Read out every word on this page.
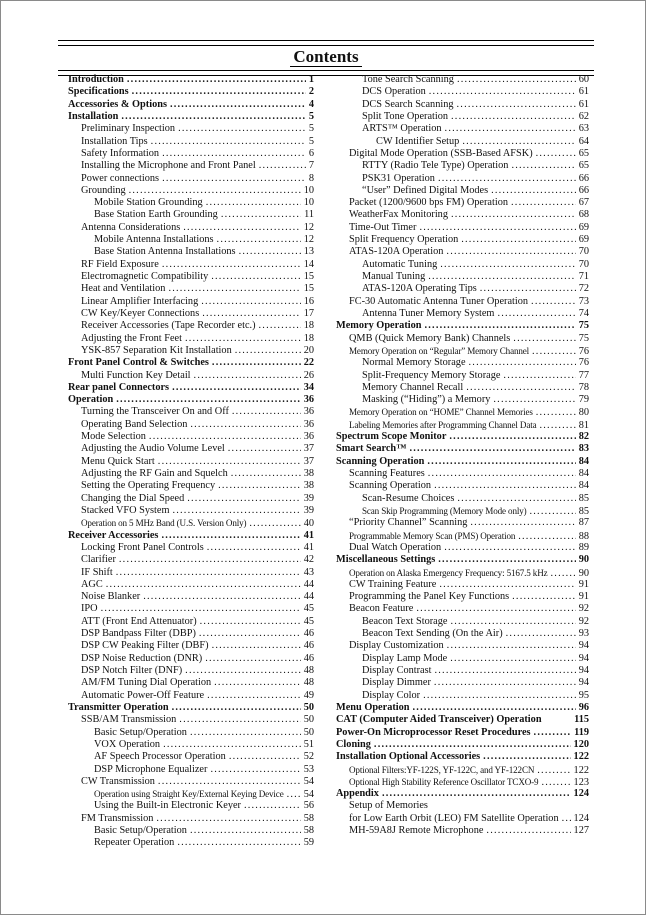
Contents
Introduction .....	1
Specifications .....	2
Accessories & Options .....	4
Installation .....	5
Preliminary Inspection .....	5
Installation Tips .....	5
Safety Information .....	6
Installing the Microphone and Front Panel .....	7
Power connections .....	8
Grounding .....	10
Mobile Station Grounding .....	10
Base Station Earth Grounding .....	11
Antenna Considerations .....	12
Mobile Antenna Installations .....	12
Base Station Antenna Installations .....	13
RF Field Exposure .....	14
Electromagnetic Compatibility .....	15
Heat and Ventilation .....	15
Linear Amplifier Interfacing .....	16
CW Key/Keyer Connections .....	17
Receiver Accessories (Tape Recorder etc.) .....	18
Adjusting the Front Feet .....	18
YSK-857 Separation Kit Installation .....	20
Front Panel Control & Switches .....	22
Multi Function Key Detail .....	26
Rear panel Connectors .....	34
Operation .....	36
Turning the Transceiver On and Off .....	36
Operating Band Selection .....	36
Mode Selection .....	36
Adjusting the Audio Volume Level .....	37
Menu Quick Start .....	37
Adjusting the RF Gain and Squelch .....	38
Setting the Operating Frequency .....	38
Changing the Dial Speed .....	39
Stacked VFO System .....	39
Operation on 5 MHz Band (U.S. Version Only) .....	40
Receiver Accessories .....	41
Locking Front Panel Controls .....	41
Clarifier .....	42
IF Shift .....	43
AGC .....	44
Noise Blanker .....	44
IPO .....	45
ATT (Front End Attenuator) .....	45
DSP Bandpass Filter (DBP) .....	46
DSP CW Peaking Filter (DBF) .....	46
DSP Noise Reduction (DNR) .....	46
DSP Notch Filter (DNF) .....	48
AM/FM Tuning Dial Operation .....	48
Automatic Power-Off Feature .....	49
Transmitter Operation .....	50
SSB/AM Transmission .....	50
Basic Setup/Operation .....	50
VOX Operation .....	51
AF Speech Processor Operation .....	52
DSP Microphone Equalizer .....	53
CW Transmission .....	54
Operation using Straight Key/External Keying Device ..... 54
Using the Built-in Electronic Keyer .....	56
FM Transmission .....	58
Basic Setup/Operation .....	58
Repeater Operation .....	59
Tone Search Scanning .....	60
DCS Operation .....	61
DCS Search Scanning .....	61
Split Tone Operation .....	62
ARTS™ Operation .....	63
CW Identifier Setup .....	64
Digital Mode Operation (SSB-Based AFSK) .....	65
RTTY (Radio Tele Type) Operation .....	65
PSK31 Operation .....	66
“User” Defined Digital Modes .....	66
Packet (1200/9600 bps FM) Operation .....	67
WeatherFax Monitoring .....	68
Time-Out Timer .....	69
Split Frequency Operation .....	69
ATAS-120A Operation .....	70
Automatic Tuning .....	70
Manual Tuning .....	71
ATAS-120A Operating Tips .....	72
FC-30 Automatic Antenna Tuner Operation .....	73
Antenna Tuner Memory System .....	74
Memory Operation .....	75
QMB (Quick Memory Bank) Channels .....	75
Memory Operation on “Regular” Memory Channel .....	76
Normal Memory Storage .....	76
Split-Frequency Memory Storage .....	77
Memory Channel Recall .....	78
Masking (“Hiding”) a Memory .....	79
Memory Operation on “HOME” Channel Memories .....	80
Labeling Memories after Programming Channel Data .....	81
Spectrum Scope Monitor .....	82
Smart Search™ .....	83
Scanning Operation .....	84
Scanning Features .....	84
Scanning Operation .....	84
Scan-Resume Choices .....	85
Scan Skip Programming (Memory Mode only) .....	85
“Priority Channel” Scanning .....	87
Programmable Memory Scan (PMS) Operation .....	88
Dual Watch Operation .....	89
Miscellaneous Settings .....	90
Operation on Alaska Emergency Frequency: 5167.5 kHz .....	90
CW Training Feature .....	91
Programming the Panel Key Functions .....	91
Beacon Feature .....	92
Beacon Text Storage .....	92
Beacon Text Sending (On the Air) .....	93
Display Customization .....	94
Display Lamp Mode .....	94
Display Contrast .....	94
Display Dimmer .....	94
Display Color .....	95
Menu Operation .....	96
CAT (Computer Aided Transceiver) Operation	115
Power-On Microprocessor Reset Procedures .....	119
Cloning .....	120
Installation Optional Accessories .....	122
Optional Filters:YF-122S, YF-122C, and YF-122CN .....	122
Optional High Stability Reference Oscillator TCXO-9 .....	123
Appendix .....	124
Setup of Memories
for Low Earth Orbit (LEO) FM Satellite Operation ..... 124
MH-59A8J Remote Microphone .....	127
